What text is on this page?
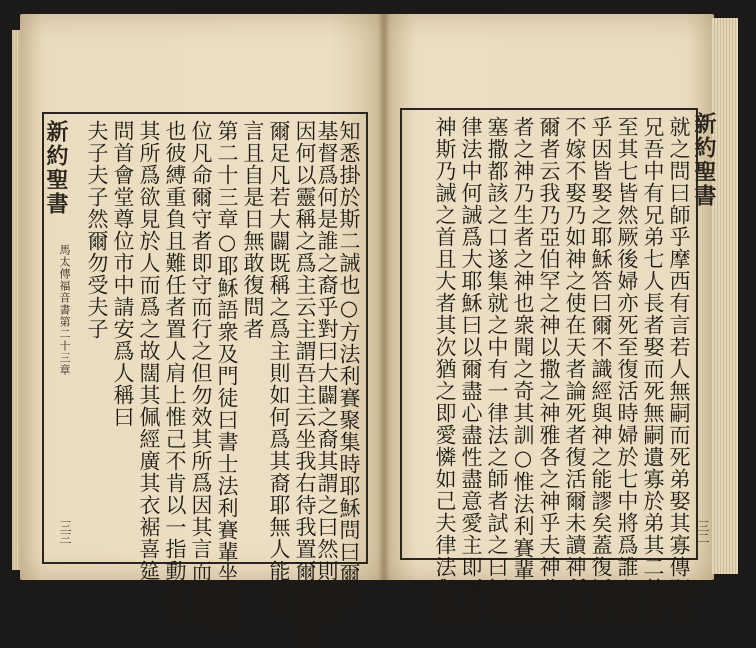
新約聖書
馬太傳福音書第二十三章
三三
夫子夫子然爾勿受夫子 問首會堂尊位市中請安爲人稱曰 其所爲欲見於人而爲之故闊其佩經廣其衣裾喜筵 也彼縛重負且難任者置人肩上惟己不肯以一指動之凡 位凡命爾守者即守而行之但勿效其所爲因其言而不行 第二十三章○耶穌語衆及門徒曰書士法利賽輩坐摩西 言且自是日無敢復問者 爾足凡若大闢既稱之爲主則如何爲其裔耶無人能答一 因何以靈稱之爲主云主謂吾主云坐我右待我置爾之敵爲
基督爲何是誰之裔乎對曰大闢之裔其謂之曰然則大闢
知悉掛於斯二誡也○方法利賽聚集時耶穌問曰爾意	新約聖書
三二
就之問曰師乎摩西有言若人無嗣而死弟娶其寡傳嗣與
兄吾中有兄弟七人長者娶而死無嗣遺寡於弟其二其三
至其七皆然厥後婦亦死至復活時婦於七中將爲誰之妻
乎因皆娶之耶穌答曰爾不識經與神之能謬矣蓋復活時
不嫁不娶乃如神之使在天者論死者復活爾未讀神所示
爾者云我乃亞伯罕之神以撒之神雅各之神乎夫神非死
者之神乃生者之神也衆聞之奇其訓○惟法利賽輩聞其
塞撒都該之口遂集就之中有一律法之師者試之曰師乎
律法中何誡爲大耶穌曰以爾盡心盡性盡意愛主即爾之
神斯乃誡之首且大者其次猶之即愛憐如己夫律法與先
